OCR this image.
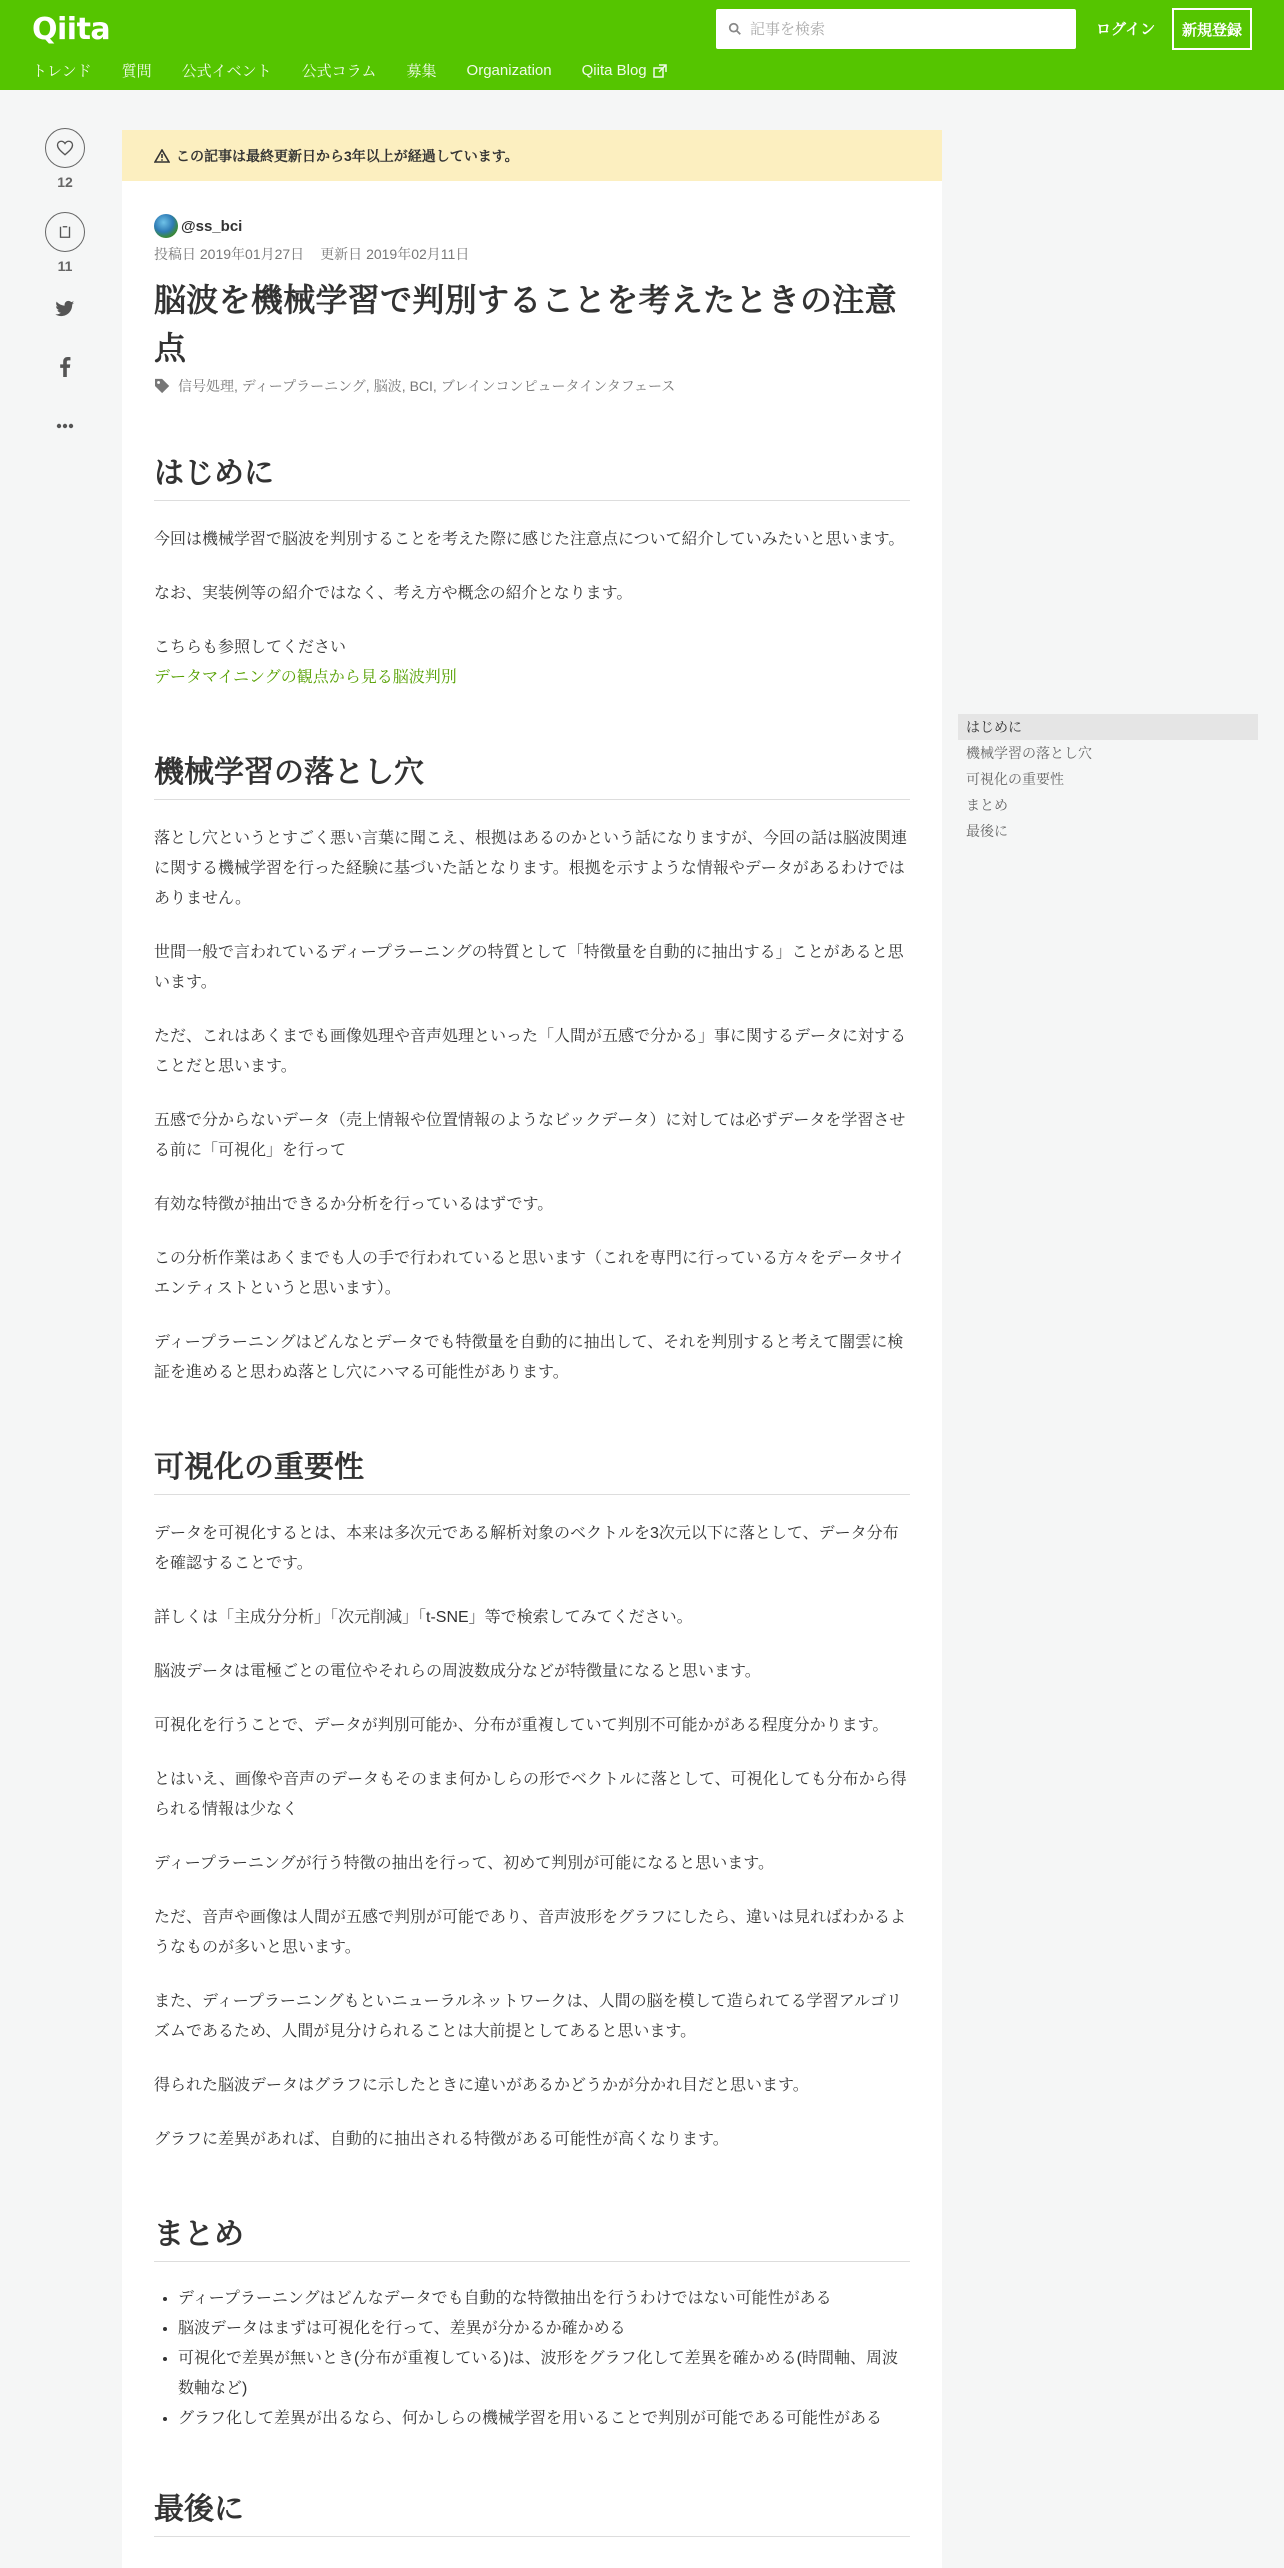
Qiita
記事を検索	ログイン	新規登録
トレンド 質問 公式イベント 公式コラム 募集 Organization Qiita Blog
12
11
この記事は最終更新日から3年以上が経過しています。
@ss_bci
投稿日 2019年01月27日 更新日 2019年02月11日
脳波を機械学習で判別することを考えたときの注意点
信号処理 , ディープラーニング , 脳波 , BCI , ブレインコンピュータインタフェース
はじめに

今回は機械学習で脳波を判別することを考えた際に感じた注意点について紹介していみたいと思います。

なお、実装例等の紹介ではなく、考え方や概念の紹介となります。

こちらも参照してください

データマイニングの観点から見る脳波判別
機械学習の落とし穴

落とし穴というとすごく悪い言葉に聞こえ、根拠はあるのかという話になりますが、今回の話は脳波関連

に関する機械学習を行った経験に基づいた話となります。根拠を示すような情報やデータがあるわけでは

ありません。

世間一般で言われているディープラーニングの特質として「特徴量を自動的に抽出する」ことがあると思

います。

ただ、これはあくまでも画像処理や音声処理といった「人間が五感で分かる」事に関するデータに対する

ことだと思います。

五感で分からないデータ（売上情報や位置情報のようなビックデータ）に対しては必ずデータを学習させ

る前に「可視化」を行って

有効な特徴が抽出できるか分析を行っているはずです。

この分析作業はあくまでも人の手で行われていると思います（これを専門に行っている方々をデータサイ

エンティストというと思います）。

ディープラーニングはどんなとデータでも特徴量を自動的に抽出して、それを判別すると考えて闇雲に検

証を進めると思わぬ落とし穴にハマる可能性があります。

可視化の重要性

データを可視化するとは、本来は多次元である解析対象のベクトルを3次元以下に落として、データ分布

を確認することです。

詳しくは「主成分分析」「次元削減」「t-SNE」等で検索してみてください。

脳波データは電極ごとの電位やそれらの周波数成分などが特徴量になると思います。

可視化を行うことで、データが判別可能か、分布が重複していて判別不可能かがある程度分かります。

とはいえ、画像や音声のデータもそのまま何かしらの形でベクトルに落として、可視化しても分布から得

られる情報は少なく

ディープラーニングが行う特徴の抽出を行って、初めて判別が可能になると思います。

ただ、音声や画像は人間が五感で判別が可能であり、音声波形をグラフにしたら、違いは見ればわかるよ

うなものが多いと思います。

また、ディープラーニングもといニューラルネットワークは、人間の脳を模して造られてる学習アルゴリ

ズムであるため、人間が見分けられることは大前提としてあると思います。

得られた脳波データはグラフに示したときに違いがあるかどうかが分かれ目だと思います。

グラフに差異があれば、自動的に抽出される特徴がある可能性が高くなります。

まとめ
• ディープラーニングはどんなデータでも自動的な特徴抽出を行うわけではない可能性がある
• 脳波データはまずは可視化を行って、差異が分かるか確かめる
• 可視化で差異が無いとき(分布が重複している)は、波形をグラフ化して差異を確かめる(時間軸、周波
数軸など)
• グラフ化して差異が出るなら、何かしらの機械学習を用いることで判別が可能である可能性がある
最後に
はじめに
機械学習の落とし穴
可視化の重要性
まとめ
最後に
